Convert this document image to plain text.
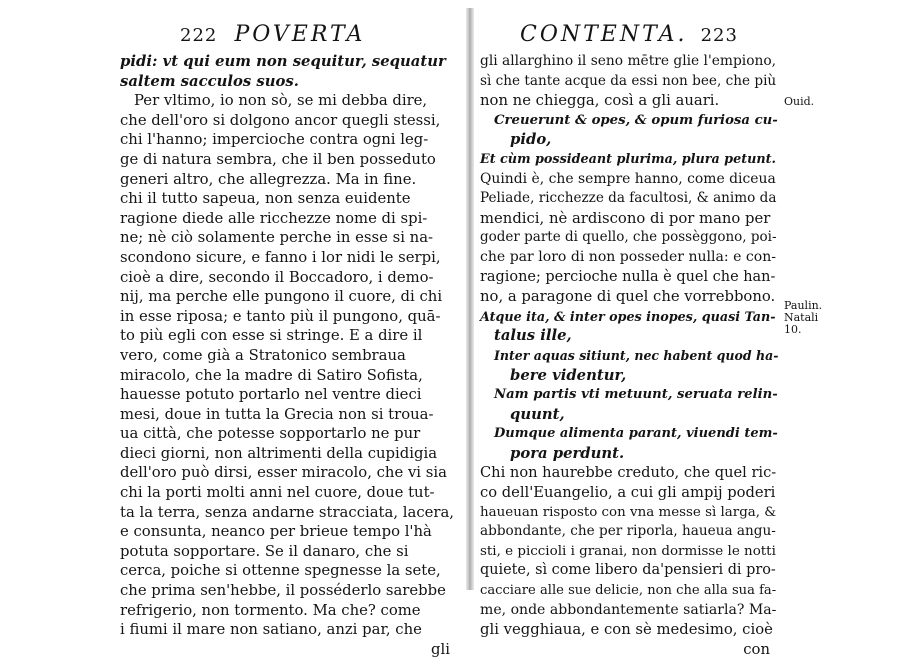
222 POVERTA
pidi: vt qui eum non sequitur, sequatur
saltem sacculos suos.
Per vltimo, io non sò, se mi debba dire,
che dell'oro si dolgono ancor quegli stessi,
chi l'hanno; impercioche contra ogni leg-
ge di natura sembra, che il ben posseduto
generi altro, che allegrezza. Ma in fine.
chi il tutto sapeua, non senza euidente
ragione diede alle ricchezze nome di spi-
ne; nè ciò solamente perche in esse si na-
scondono sicure, e fanno i lor nidi le serpi,
cioè a dire, secondo il Boccadoro, i demo-
nij, ma perche elle pungono il cuore, di chi
in esse riposa; e tanto più il pungono, quā-
to più egli con esse si stringe. E a dire il
vero, come già a Stratonico sembraua
miracolo, che la madre di Satiro Sofista,
hauesse potuto portarlo nel ventre dieci
mesi, doue in tutta la Grecia non si troua-
ua città, che potesse sopportarlo ne pur
dieci giorni, non altrimenti della cupidigia
dell'oro può dirsi, esser miracolo, che vi sia
chi la porti molti anni nel cuore, doue tut-
ta la terra, senza andarne stracciata, lacera,
e consunta, neanco per brieue tempo l'hà
potuta sopportare. Se il danaro, che si
cerca, poiche si ottenne spegnesse la sete,
che prima sen'hebbe, il posséderlo sarebbe
refrigerio, non tormento. Ma che? come
i fiumi il mare non satiano, anzi par, che
gli
CONTENTA. 223
gli allarghino il seno mētre glie l'empiono,
sì che tante acque da essi non bee, che più
non ne chiegga, così a gli auari.
Creuerunt & opes, & opum furiosa cu-
pido,
Et cùm possideant plurima, plura petunt.
Quindi è, che sempre hanno, come diceua
Peliade, ricchezze da facultosi, & animo da
mendici, nè ardiscono di por mano per
goder parte di quello, che possèggono, poi-
che par loro di non posseder nulla: e con-
ragione; percioche nulla è quel che han-
no, a paragone di quel che vorrebbono.
Atque ita, & inter opes inopes, quasi Tan-
talus ille,
Inter aquas sitiunt, nec habent quod ha-
bere videntur,
Nam partis vti metuunt, seruata relin-
quunt,
Dumque alimenta parant, viuendi tem-
pora perdunt.
Chi non haurebbe creduto, che quel ric-
co dell'Euangelio, a cui gli ampij poderi
haueuan risposto con vna messe sì larga, &
abbondante, che per riporla, haueua angu-
sti, e piccioli i granai, non dormisse le notti
quiete, sì come libero da'pensieri di pro-
cacciare alle sue delicie, non che alla sua fa-
me, onde abbondantemente satiarla? Ma-
gli vegghiaua, e con sè medesimo, cioè
con
Ouid.
Paulin.
Natali
10.
